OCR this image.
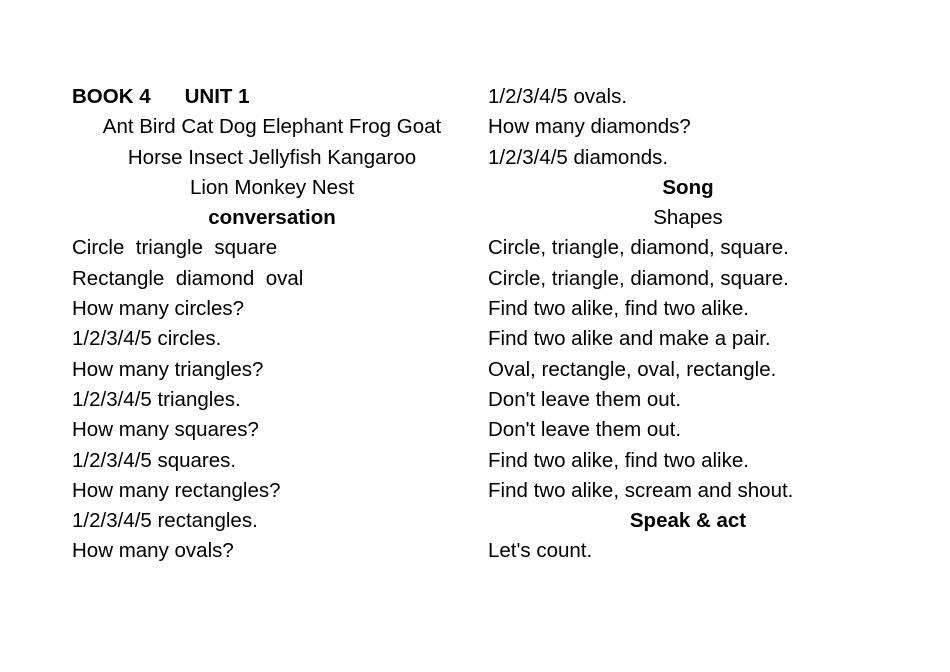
BOOK 4 UNIT 1
Ant Bird Cat Dog Elephant Frog Goat
Horse Insect Jellyfish Kangaroo
Lion Monkey Nest
conversation
Circle  triangle  square
Rectangle  diamond  oval
How many circles?
1/2/3/4/5 circles.
How many triangles?
1/2/3/4/5 triangles.
How many squares?
1/2/3/4/5 squares.
How many rectangles?
1/2/3/4/5 rectangles.
How many ovals?
1/2/3/4/5 ovals.
How many diamonds?
1/2/3/4/5 diamonds.
Song
Shapes
Circle, triangle, diamond, square.
Circle, triangle, diamond, square.
Find two alike, find two alike.
Find two alike and make a pair.
Oval, rectangle, oval, rectangle.
Don't leave them out.
Don't leave them out.
Find two alike, find two alike.
Find two alike, scream and shout.
Speak & act
Let's count.
